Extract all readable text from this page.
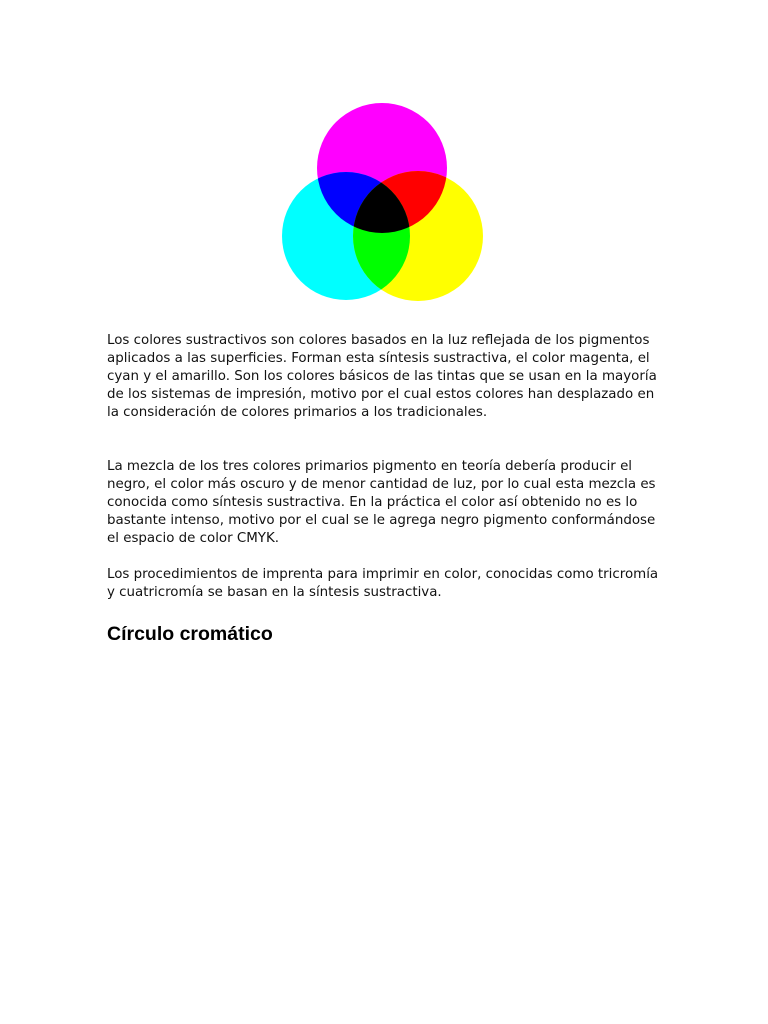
Los colores sustractivos son colores basados en la luz reflejada de los pigmentos aplicados a las superficies. Forman esta síntesis sustractiva, el color magenta, el cyan y el amarillo. Son los colores básicos de las tintas que se usan en la mayoría de los sistemas de impresión, motivo por el cual estos colores han desplazado en la consideración de colores primarios a los tradicionales.

La mezcla de los tres colores primarios pigmento en teoría debería producir el negro, el color más oscuro y de menor cantidad de luz, por lo cual esta mezcla es conocida como síntesis sustractiva. En la práctica el color así obtenido no es lo bastante intenso, motivo por el cual se le agrega negro pigmento conformándose el espacio de color CMYK.

Los procedimientos de imprenta para imprimir en color, conocidas como tricromía y cuatricromía se basan en la síntesis sustractiva.

Círculo cromático
